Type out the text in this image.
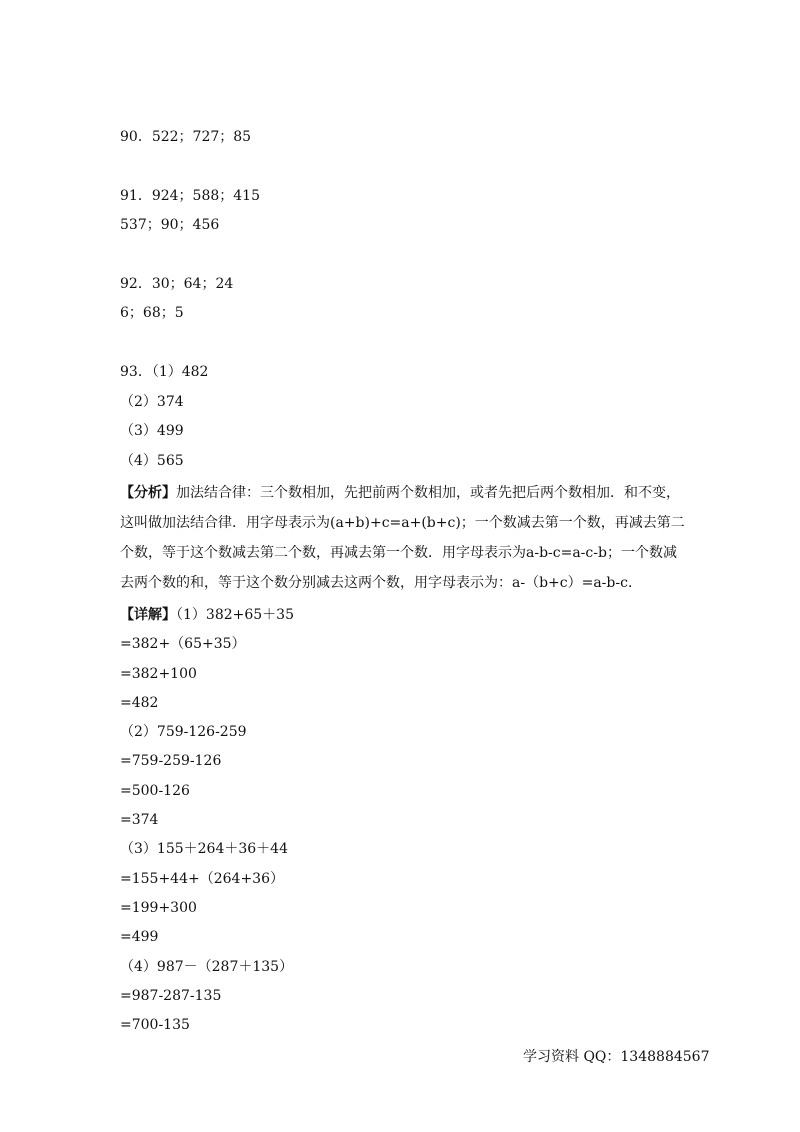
90．522；727；85
91．924；588；415
537；90；456
92．30；64；24
6；68；5
93．（1）482
（2）374
（3）499
（4）565
【分析】加法结合律：三个数相加，先把前两个数相加，或者先把后两个数相加．和不变，这叫做加法结合律．用字母表示为(a+b)+c=a+(b+c)；一个数减去第一个数，再减去第二个数，等于这个数减去第二个数，再减去第一个数．用字母表示为a-b-c=a-c-b；一个数减去两个数的和，等于这个数分别减去这两个数，用字母表示为：a-（b+c）=a-b-c．
【详解】（1）382+65＋35
=382+（65+35）
=382+100
=482
（2）759-126-259
=759-259-126
=500-126
=374
（3）155＋264＋36＋44
=155+44+（264+36）
=199+300
=499
（4）987－（287＋135）
=987-287-135
=700-135
学习资料 QQ：1348884567
